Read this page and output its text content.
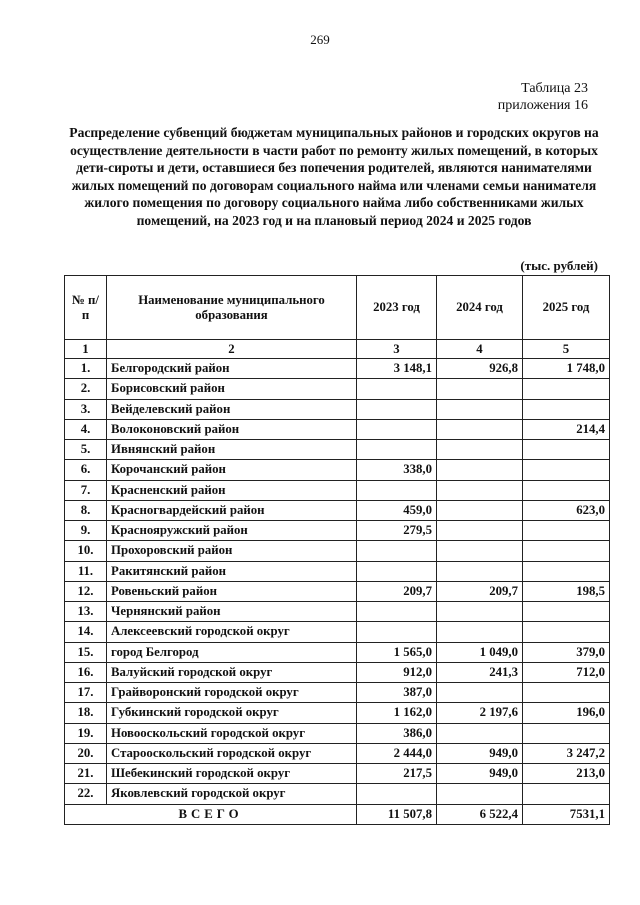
269
Таблица 23
приложения 16
Распределение субвенций бюджетам муниципальных районов и городских округов на осуществление деятельности в части работ по ремонту жилых помещений, в которых дети-сироты и дети, оставшиеся без попечения родителей, являются нанимателями жилых помещений по договорам социального найма или членами семьи нанимателя жилого помещения по договору социального найма либо собственниками жилых помещений, на 2023 год и на плановый период 2024 и 2025 годов
(тыс. рублей)
№ п/п	Наименование муниципального образования	2023 год	2024 год	2025 год
1	2	3	4	5
1.	Белгородский район	3 148,1	926,8	1 748,0
2.	Борисовский район			
3.	Вейделевский район			
4.	Волоконовский район			214,4
5.	Ивнянский район			
6.	Корочанский район	338,0		
7.	Красненский район			
8.	Красногвардейский район	459,0		623,0
9.	Краснояружский район	279,5		
10.	Прохоровский район			
11.	Ракитянский район			
12.	Ровеньский район	209,7	209,7	198,5
13.	Чернянский район			
14.	Алексеевский городской округ			
15.	город Белгород	1 565,0	1 049,0	379,0
16.	Валуйский городской округ	912,0	241,3	712,0
17.	Грайворонский городской округ	387,0		
18.	Губкинский городской округ	1 162,0	2 197,6	196,0
19.	Новооскольский городской округ	386,0		
20.	Старооскольский городской округ	2 444,0	949,0	3 247,2
21.	Шебекинский городской округ	217,5	949,0	213,0
22.	Яковлевский городской округ			
ВСЕГО		11 507,8	6 522,4	7531,1
